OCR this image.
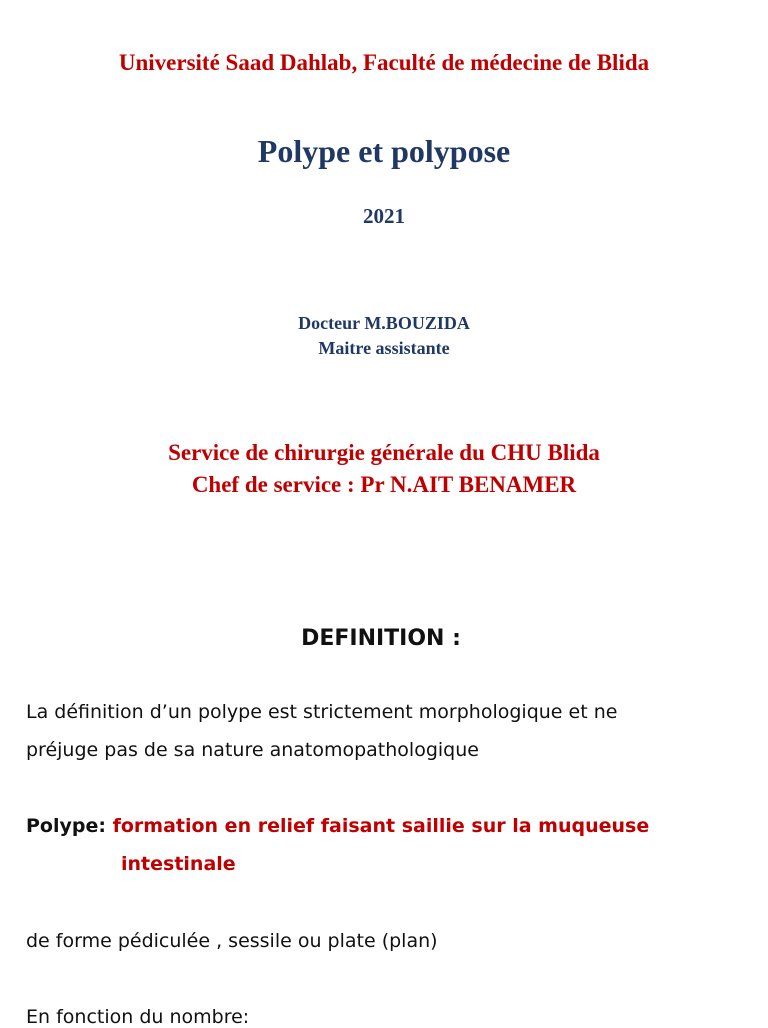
Université Saad Dahlab, Faculté de médecine de Blida
Polype et polypose
2021
Docteur M.BOUZIDA
Maitre assistante
Service de chirurgie générale du CHU Blida
Chef de service : Pr N.AIT BENAMER
DEFINITION :
La définition d’un polype est strictement morphologique et ne
préjuge pas de sa nature anatomopathologique
Polype: formation en relief faisant saillie sur la muqueuse
intestinale
de forme pédiculée , sessile ou plate (plan)
En fonction du nombre:
